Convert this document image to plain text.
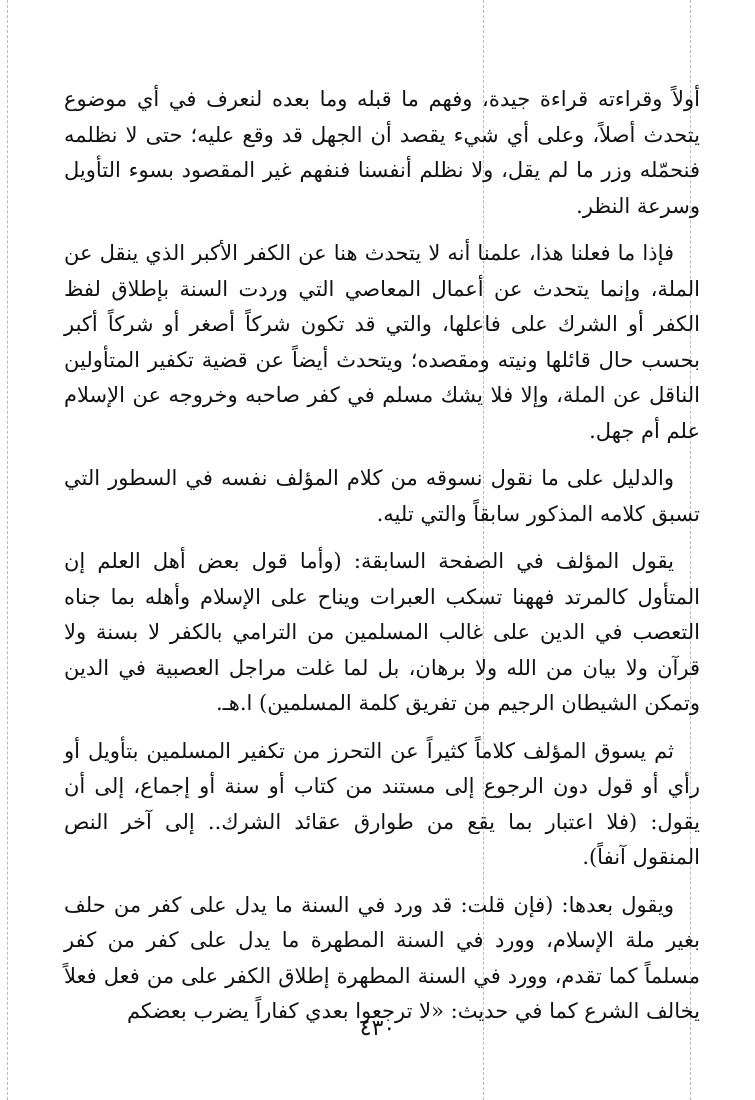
أولاً وقراءته قراءة جيدة، وفهم ما قبله وما بعده لنعرف في أي موضوع يتحدث أصلاً، وعلى أي شيء يقصد أن الجهل قد وقع عليه؛ حتى لا نظلمه فنحمّله وزر ما لم يقل، ولا نظلم أنفسنا فنفهم غير المقصود بسوء التأويل وسرعة النظر.

فإذا ما فعلنا هذا، علمنا أنه لا يتحدث هنا عن الكفر الأكبر الذي ينقل عن الملة، وإنما يتحدث عن أعمال المعاصي التي وردت السنة بإطلاق لفظ الكفر أو الشرك على فاعلها، والتي قد تكون شركاً أصغر أو شركاً أكبر بحسب حال قائلها ونيته ومقصده؛ ويتحدث أيضاً عن قضية تكفير المتأولين الناقل عن الملة، وإلا فلا يشك مسلم في كفر صاحبه وخروجه عن الإسلام علم أم جهل.

والدليل على ما نقول نسوقه من كلام المؤلف نفسه في السطور التي تسبق كلامه المذكور سابقاً والتي تليه.

يقول المؤلف في الصفحة السابقة: (وأما قول بعض أهل العلم إن المتأول كالمرتد فههنا تسكب العبرات ويناح على الإسلام وأهله بما جناه التعصب في الدين على غالب المسلمين من الترامي بالكفر لا بسنة ولا قرآن ولا بيان من الله ولا برهان، بل لما غلت مراجل العصبية في الدين وتمكن الشيطان الرجيم من تفريق كلمة المسلمين) ا.هـ.

ثم يسوق المؤلف كلاماً كثيراً عن التحرز من تكفير المسلمين بتأويل أو رأي أو قول دون الرجوع إلى مستند من كتاب أو سنة أو إجماع، إلى أن يقول: (فلا اعتبار بما يقع من طوارق عقائد الشرك.. إلى آخر النص المنقول آنفاً).

ويقول بعدها: (فإن قلت: قد ورد في السنة ما يدل على كفر من حلف بغير ملة الإسلام، وورد في السنة المطهرة ما يدل على كفر من كفر مسلماً كما تقدم، وورد في السنة المطهرة إطلاق الكفر على من فعل فعلاً يخالف الشرع كما في حديث: «لا ترجعوا بعدي كفاراً يضرب بعضكم

٤٣٠
